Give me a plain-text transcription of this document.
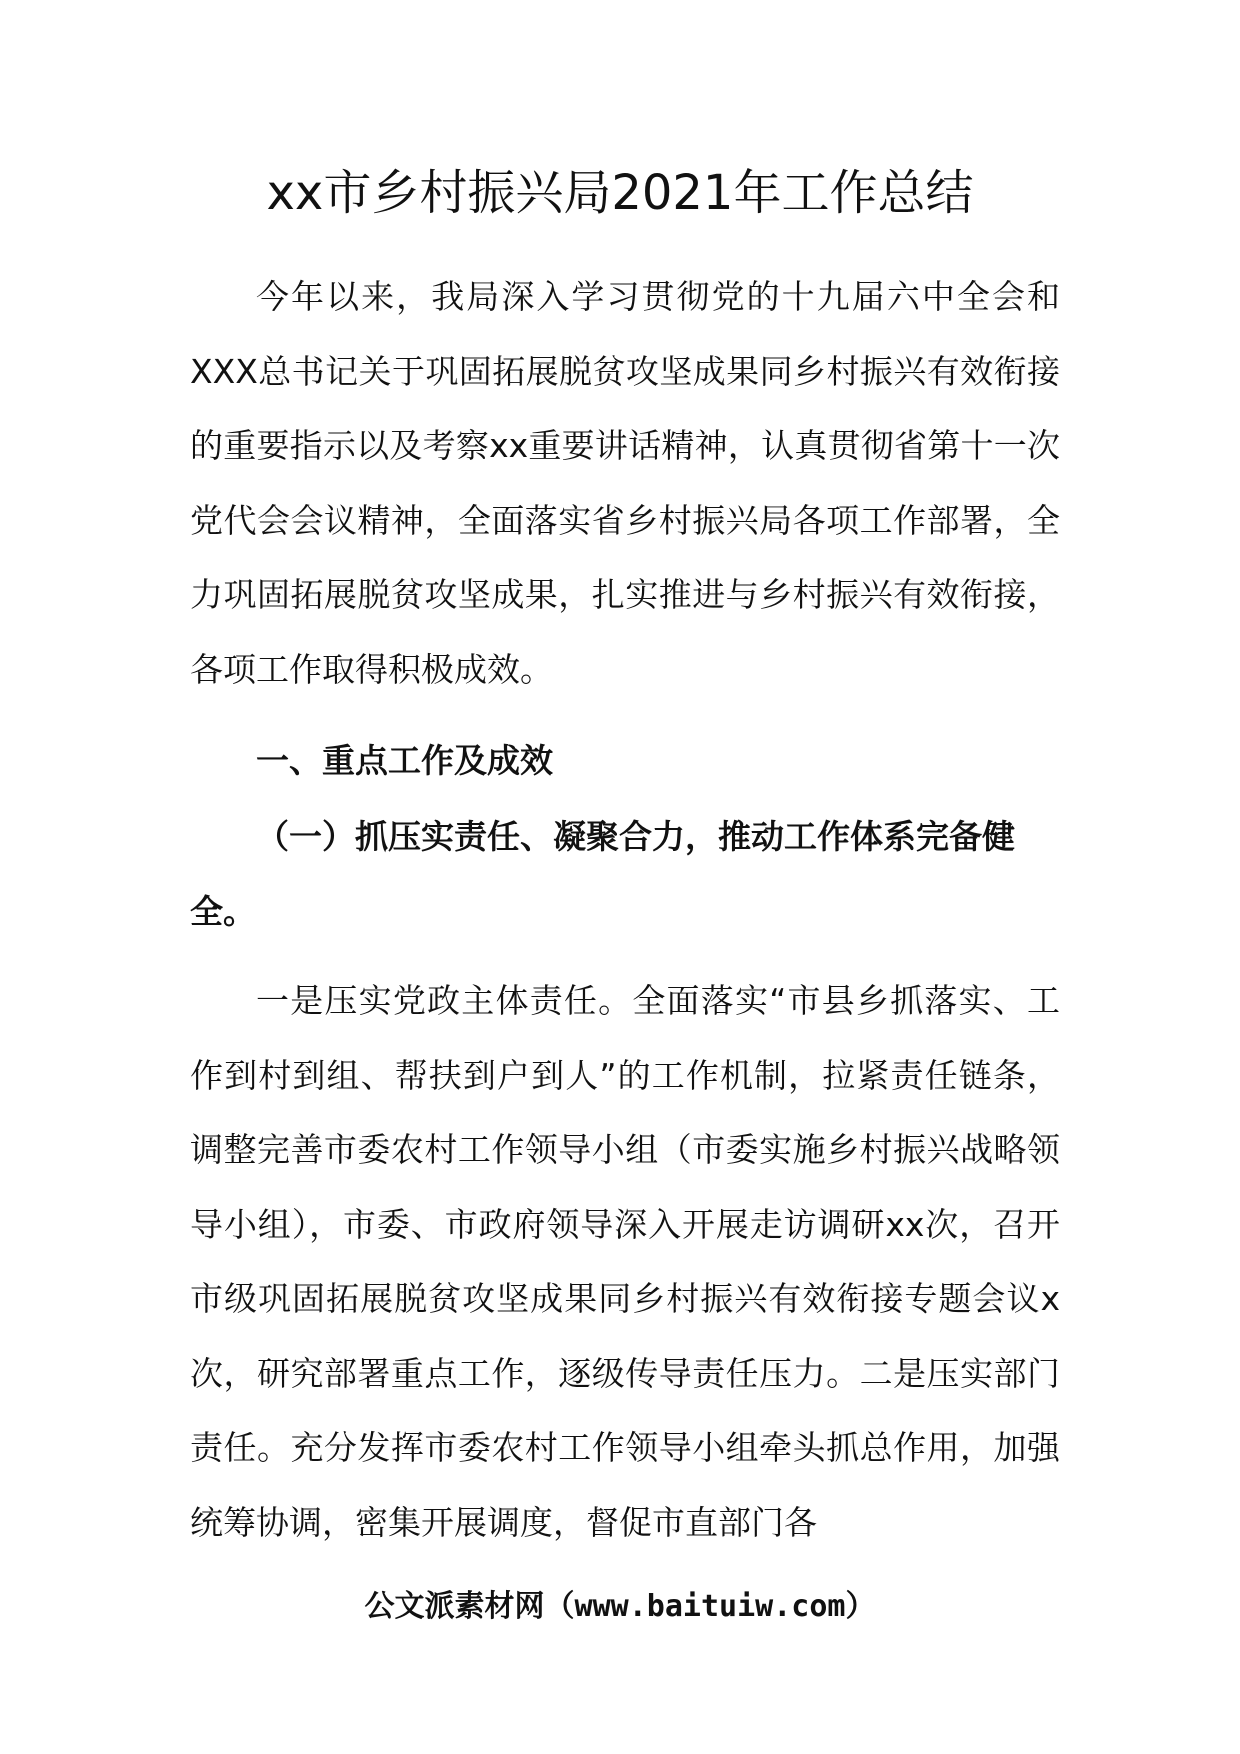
xx市乡村振兴局2021年工作总结

今年以来，我局深入学习贯彻党的十九届六中全会和XXX总书记关于巩固拓展脱贫攻坚成果同乡村振兴有效衔接的重要指示以及考察xx重要讲话精神，认真贯彻省第十一次党代会会议精神，全面落实省乡村振兴局各项工作部署，全力巩固拓展脱贫攻坚成果，扎实推进与乡村振兴有效衔接，各项工作取得积极成效。

一、重点工作及成效

（一）抓压实责任、凝聚合力，推动工作体系完备健全。

一是压实党政主体责任。全面落实“市县乡抓落实、工作到村到组、帮扶到户到人”的工作机制，拉紧责任链条，调整完善市委农村工作领导小组（市委实施乡村振兴战略领导小组），市委、市政府领导深入开展走访调研xx次，召开市级巩固拓展脱贫攻坚成果同乡村振兴有效衔接专题会议x次，研究部署重点工作，逐级传导责任压力。二是压实部门责任。充分发挥市委农村工作领导小组牵头抓总作用，加强统筹协调，密集开展调度，督促市直部门各

公文派素材网（www.baituiw.com）
